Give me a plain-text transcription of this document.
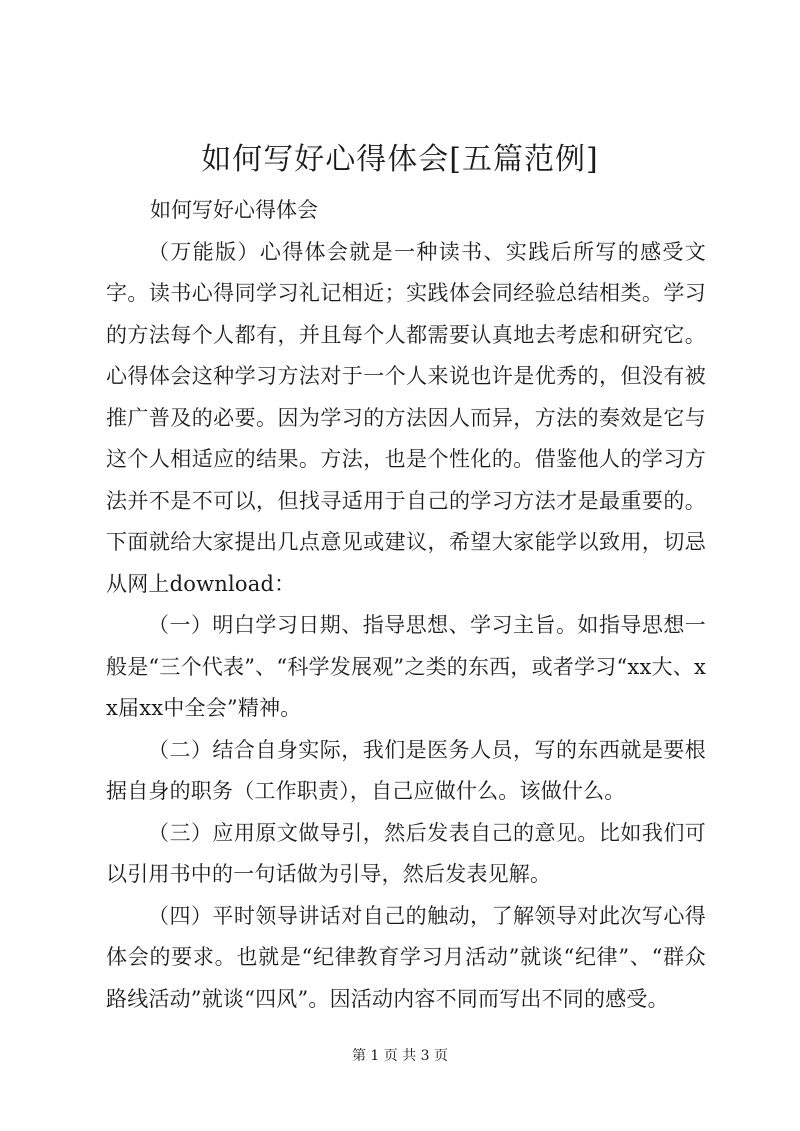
如何写好心得体会[五篇范例]

如何写好心得体会

（万能版）心得体会就是一种读书、实践后所写的感受文字。读书心得同学习礼记相近；实践体会同经验总结相类。学习的方法每个人都有，并且每个人都需要认真地去考虑和研究它。心得体会这种学习方法对于一个人来说也许是优秀的，但没有被推广普及的必要。因为学习的方法因人而异，方法的奏效是它与这个人相适应的结果。方法，也是个性化的。借鉴他人的学习方法并不是不可以，但找寻适用于自己的学习方法才是最重要的。下面就给大家提出几点意见或建议，希望大家能学以致用，切忌从网上download：

（一）明白学习日期、指导思想、学习主旨。如指导思想一般是“三个代表”、“科学发展观”之类的东西，或者学习“xx大、xx届xx中全会”精神。

（二）结合自身实际，我们是医务人员，写的东西就是要根据自身的职务（工作职责），自己应做什么。该做什么。

（三）应用原文做导引，然后发表自己的意见。比如我们可以引用书中的一句话做为引导，然后发表见解。

（四）平时领导讲话对自己的触动，了解领导对此次写心得体会的要求。也就是“纪律教育学习月活动”就谈“纪律”、“群众路线活动”就谈“四风”。因活动内容不同而写出不同的感受。

第 1 页 共 3 页
